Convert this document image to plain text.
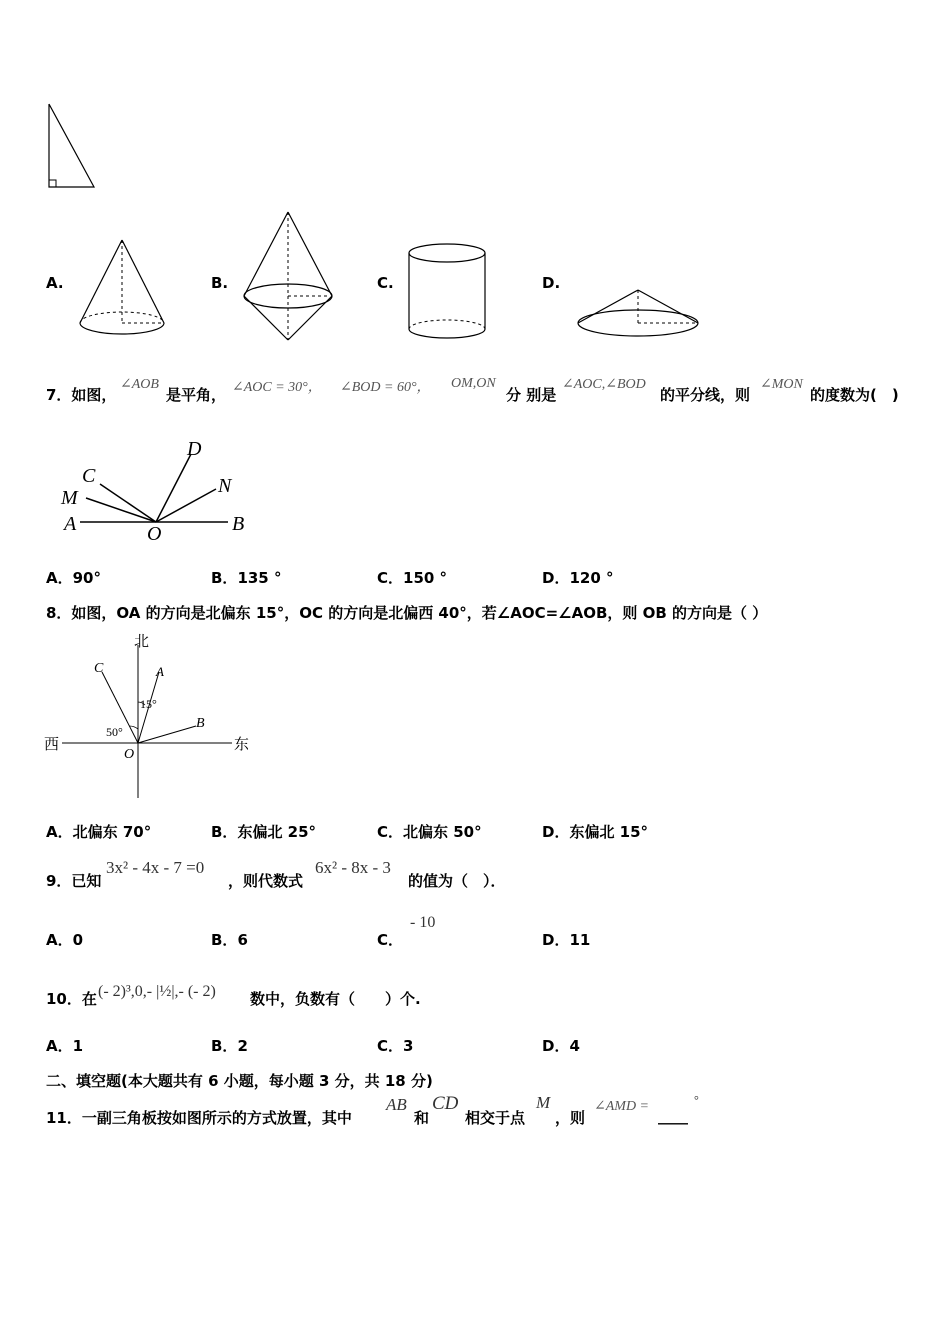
A.	B.	C.	D.
7．如图，
∠AOB
是平角， ∠AOC = 30°， ∠BOD = 60°， OM,ON
分 别是
∠AOC,∠BOD
的平分线，则
∠MON
的度数为(　)
D
C	N
M
A	O	B
A．90°	B．135 °	C．150 °	D．120 °
8．如图，OA 的方向是北偏东 15°，OC 的方向是北偏西 40°，若∠AOC=∠AOB，则 OB 的方向是（ ）
北
西	东
C	A
B
O
15°
50°
A．北偏东 70°	B．东偏北 25°	C．北偏东 50°	D．东偏北 15°
9．已知
3x² - 4x - 7 =0
，则代数式
6x² - 8x - 3
的值为（　）．
A．0	B．6	C．
- 10
D．11
10．在 (- 2)³,0,- |½|,- (- 2) 数中，负数有（　　）个.
A．1	B．2	C．3	D．4
二、填空题(本大题共有 6 小题，每小题 3 分，共 18 分)
11．一副三角板按如图所示的方式放置，其中
AB
和
CD
相交于点
M
，则
∠AMD =
____
°
